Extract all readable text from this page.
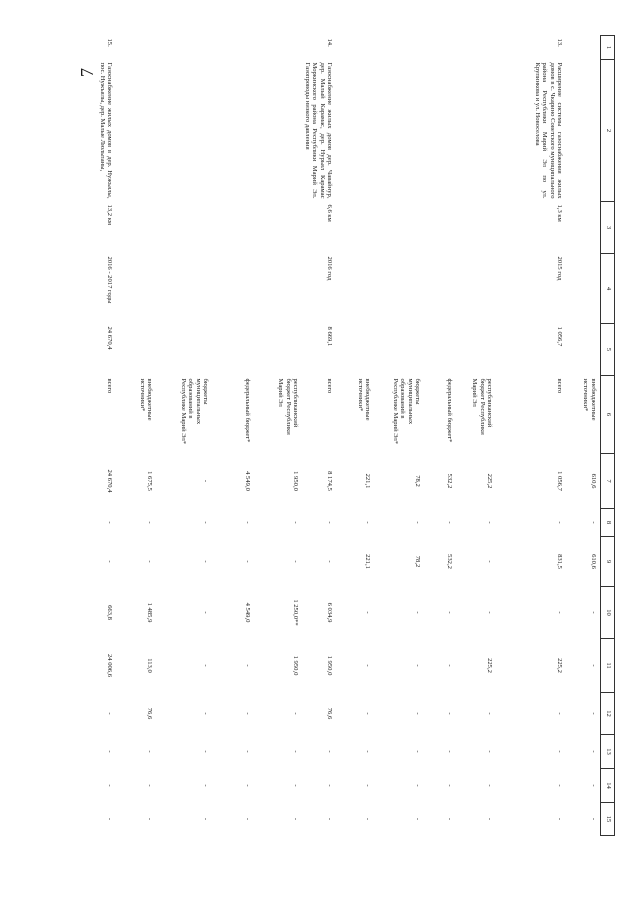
7
1	2	3	4	5	6	7	8	9	10	11	12	13	14	15
					внебюджетные источники*	610,6	-	610,6	-	-	-	-	-	-
13.	Расширение системы газоснабжения жилых домов в с. Чкарино Советского муниципального района Республики Марий Эл по ул. Крупинкова и ул. Новоселова	1,3 км	2015 год	1 056,7	всего	1 056,7	-	831,5	-	225,2	-	-	-	-
					республиканский бюджет Республики Марий Эл	225,2	-	-	-	225,2	-	-	-	-
					федеральный бюджет*	532,2	-	532,2	-	-	-	-	-	-
					бюджеты муниципальных образований в Республике Марий Эл*	78,2	-	78,2	-	-	-	-	-	-
					внебюджетные источники*	221,1	-	221,1	-	-	-	-	-	-
14.	Газоснабжение жилых домов дер. Чавайнур, дер. Малый Карамас, дер. Нурьял Карамас Моркинского района Республики Марий Эл. Газопроводы низкого давления	6,6 км	2016 год	8 669,1	всего	8 174,5	-	-	6 034,9	1 950,0	76,6	-	-	-
					республиканский бюджет Республики Марий Эл	1 950,0	-	-	1 250,0**	1 950,0	-	-	-	-
					федеральный бюджет*	4 549,0	-	-	4 549,0	-	-	-	-	-
					бюджеты муниципальных образований в Республике Марий Эл*	-	-	-	-	-	-	-	-	-
					внебюджетные источники*	1 675,5	-	-	1 485,9	113,0	76,6	-	-	-
15.	Газоснабжение жилых домов в дер. Нужъялы, пос. Нужъялы, дер. Малые Люльпаны,	13,2 км	2016 - 2017 годы	24 670,4	всего	24 670,4	-	-	663,8	24 006,6	-	-	-	-
